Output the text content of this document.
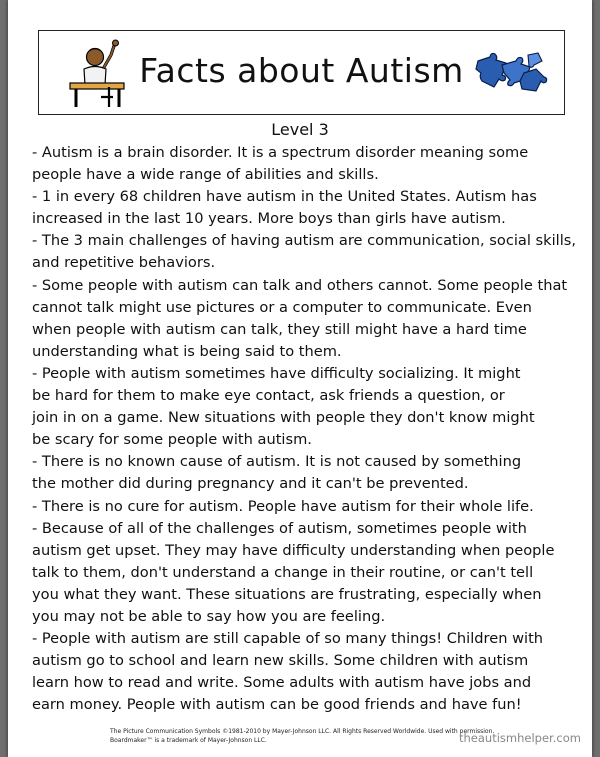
Facts about Autism
Level 3
- Autism is a brain disorder. It is a spectrum disorder meaning some
people have a wide range of abilities and skills.
- 1 in every 68 children have autism in the United States. Autism has
increased in the last 10 years. More boys than girls have autism.
- The 3 main challenges of having autism are communication, social skills,
and repetitive behaviors.
- Some people with autism can talk and others cannot. Some people that
cannot talk might use pictures or a computer to communicate. Even
when people with autism can talk, they still might have a hard time
understanding what is being said to them.
- People with autism sometimes have difficulty socializing. It might
be hard for them to make eye contact, ask friends a question, or
join in on a game. New situations with people they don't know might
be scary for some people with autism.
- There is no known cause of autism. It is not caused by something
the mother did during pregnancy and it can't be prevented.
- There is no cure for autism. People have autism for their whole life.
- Because of all of the challenges of autism, sometimes people with
autism get upset. They may have difficulty understanding when people
talk to them, don't understand a change in their routine, or can't tell
you what they want. These situations are frustrating, especially when
you may not be able to say how you are feeling.
- People with autism are still capable of so many things! Children with
autism go to school and learn new skills. Some children with autism
learn how to read and write. Some adults with autism have jobs and
earn money. People with autism can be good friends and have fun!
The Picture Communication Symbols ©1981-2010 by Mayer-Johnson LLC. All Rights Reserved Worldwide. Used with permission.
Boardmaker™ is a trademark of Mayer-Johnson LLC.	theautismhelper.com
